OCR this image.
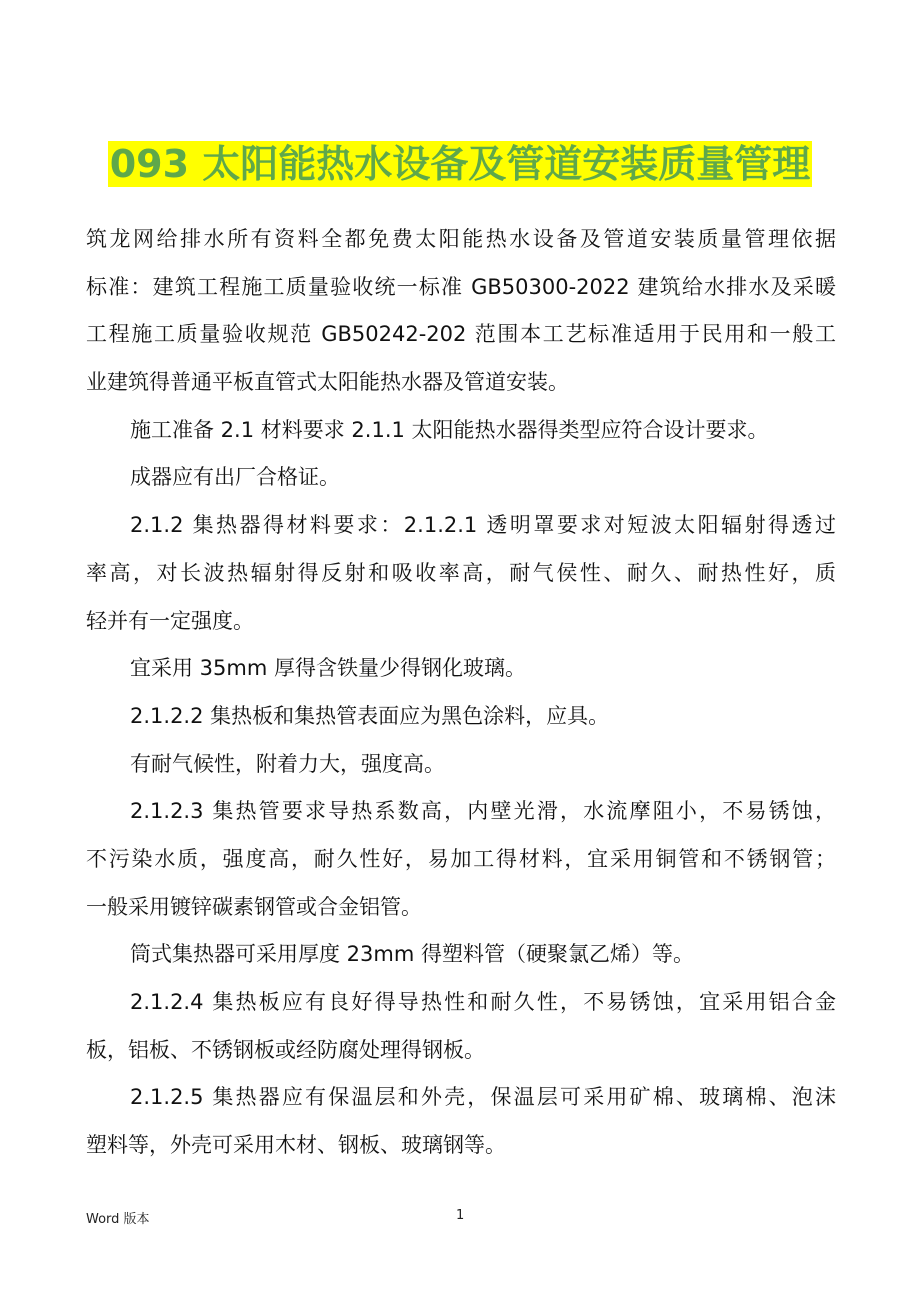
093 太阳能热水设备及管道安装质量管理
筑龙网给排水所有资料全都免费太阳能热水设备及管道安装质量管理依据
标准：建筑工程施工质量验收统一标准 GB50300-2022 建筑给水排水及采暖
工程施工质量验收规范 GB50242-202 范围本工艺标准适用于民用和一般工
业建筑得普通平板直管式太阳能热水器及管道安装。
施工准备 2.1 材料要求 2.1.1 太阳能热水器得类型应符合设计要求。
成器应有出厂合格证。
2.1.2 集热器得材料要求：2.1.2.1 透明罩要求对短波太阳辐射得透过
率高，对长波热辐射得反射和吸收率高，耐气侯性、耐久、耐热性好，质
轻并有一定强度。
宜采用 35mm 厚得含铁量少得钢化玻璃。
2.1.2.2 集热板和集热管表面应为黑色涂料，应具。
有耐气候性，附着力大，强度高。
2.1.2.3 集热管要求导热系数高，内壁光滑，水流摩阻小，不易锈蚀，
不污染水质，强度高，耐久性好，易加工得材料，宜采用铜管和不锈钢管；
一般采用镀锌碳素钢管或合金铝管。
筒式集热器可采用厚度 23mm 得塑料管（硬聚氯乙烯）等。
2.1.2.4 集热板应有良好得导热性和耐久性，不易锈蚀，宜采用铝合金
板，铝板、不锈钢板或经防腐处理得钢板。
2.1.2.5 集热器应有保温层和外壳，保温层可采用矿棉、玻璃棉、泡沫
塑料等，外壳可采用木材、钢板、玻璃钢等。
Word 版本	1
